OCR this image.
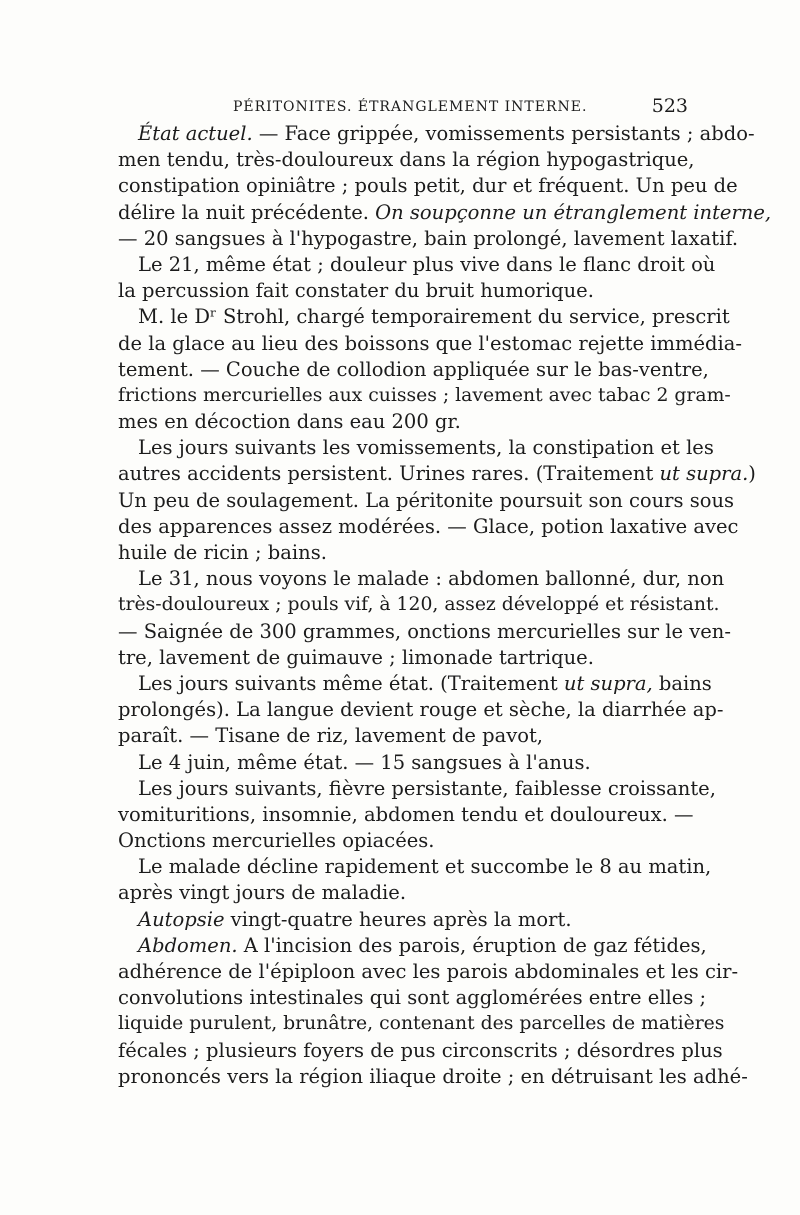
PÉRITONITES. ÉTRANGLEMENT INTERNE.	523
État actuel. — Face grippée, vomissements persistants ; abdo-
men tendu, très-douloureux dans la région hypogastrique,
constipation opiniâtre ; pouls petit, dur et fréquent. Un peu de
délire la nuit précédente. On soupçonne un étranglement interne,
— 20 sangsues à l'hypogastre, bain prolongé, lavement laxatif.
Le 21, même état ; douleur plus vive dans le flanc droit où
la percussion fait constater du bruit humorique.
M. le Dʳ Strohl, chargé temporairement du service, prescrit
de la glace au lieu des boissons que l'estomac rejette immédia-
tement. — Couche de collodion appliquée sur le bas-ventre,
frictions mercurielles aux cuisses ; lavement avec tabac 2 gram-
mes en décoction dans eau 200 gr.
Les jours suivants les vomissements, la constipation et les
autres accidents persistent. Urines rares. (Traitement ut supra.)
Un peu de soulagement. La péritonite poursuit son cours sous
des apparences assez modérées. — Glace, potion laxative avec
huile de ricin ; bains.
Le 31, nous voyons le malade : abdomen ballonné, dur, non
très-douloureux ; pouls vif, à 120, assez développé et résistant.
— Saignée de 300 grammes, onctions mercurielles sur le ven-
tre, lavement de guimauve ; limonade tartrique.
Les jours suivants même état. (Traitement ut supra, bains
prolongés). La langue devient rouge et sèche, la diarrhée ap-
paraît. — Tisane de riz, lavement de pavot,
Le 4 juin, même état. — 15 sangsues à l'anus.
Les jours suivants, fièvre persistante, faiblesse croissante,
vomituritions, insomnie, abdomen tendu et douloureux. —
Onctions mercurielles opiacées.
Le malade décline rapidement et succombe le 8 au matin,
après vingt jours de maladie.
Autopsie vingt-quatre heures après la mort.
Abdomen. A l'incision des parois, éruption de gaz fétides,
adhérence de l'épiploon avec les parois abdominales et les cir-
convolutions intestinales qui sont agglomérées entre elles ;
liquide purulent, brunâtre, contenant des parcelles de matières
fécales ; plusieurs foyers de pus circonscrits ; désordres plus
prononcés vers la région iliaque droite ; en détruisant les adhé-
